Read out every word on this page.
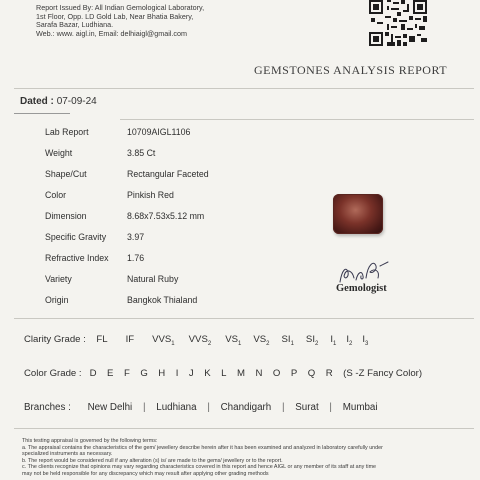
Report Issued By: All Indian Gemological Laboratory,
1st Floor, Opp. LD Gold Lab, Near Bhatia Bakery,
Sarafa Bazar, Ludhiana.
Web.: www. aigl.in, Email: delhiaigl@gmail.com
GEMSTONES ANALYSIS REPORT
Dated : 07-09-24
Lab Report	10709AIGL1106
Weight	3.85 Ct
Shape/Cut	Rectangular Faceted
Color	Pinkish Red
Dimension	8.68x7.53x5.12 mm
Specific Gravity	3.97
Refractive Index	1.76
Variety	Natural Ruby
Origin	Bangkok Thialand
Gemologist
Clarity Grade : FL IF $VVS_1$ $VVS_2$ $VS_1$ $VS_2$ $SI_1$ $SI_2$ $I_1$ $I_2$ $I_3$
Color Grade : D E F G H I J K L M N O P Q R (S -Z Fancy Color)
Branches : New Delhi | Ludhiana | Chandigarh | Surat | Mumbai
This testing appraisal is governed by the following terms:
a. The appraisal contains the characteristics of the gem/ jewellery describe herein after it has been examined and analyzed in laboratory carefully under
specialized instruments as necessary.
b. The report would be considered null if any alteration (s) is/ are made to the gems/ jewellery or to the report.
c. The clients recognize that opinions may vary regarding characteristics covered in this report and hence AIGL or any member of its staff at any time
may not be held responsible for any discrepancy which may result after applying other grading methods
